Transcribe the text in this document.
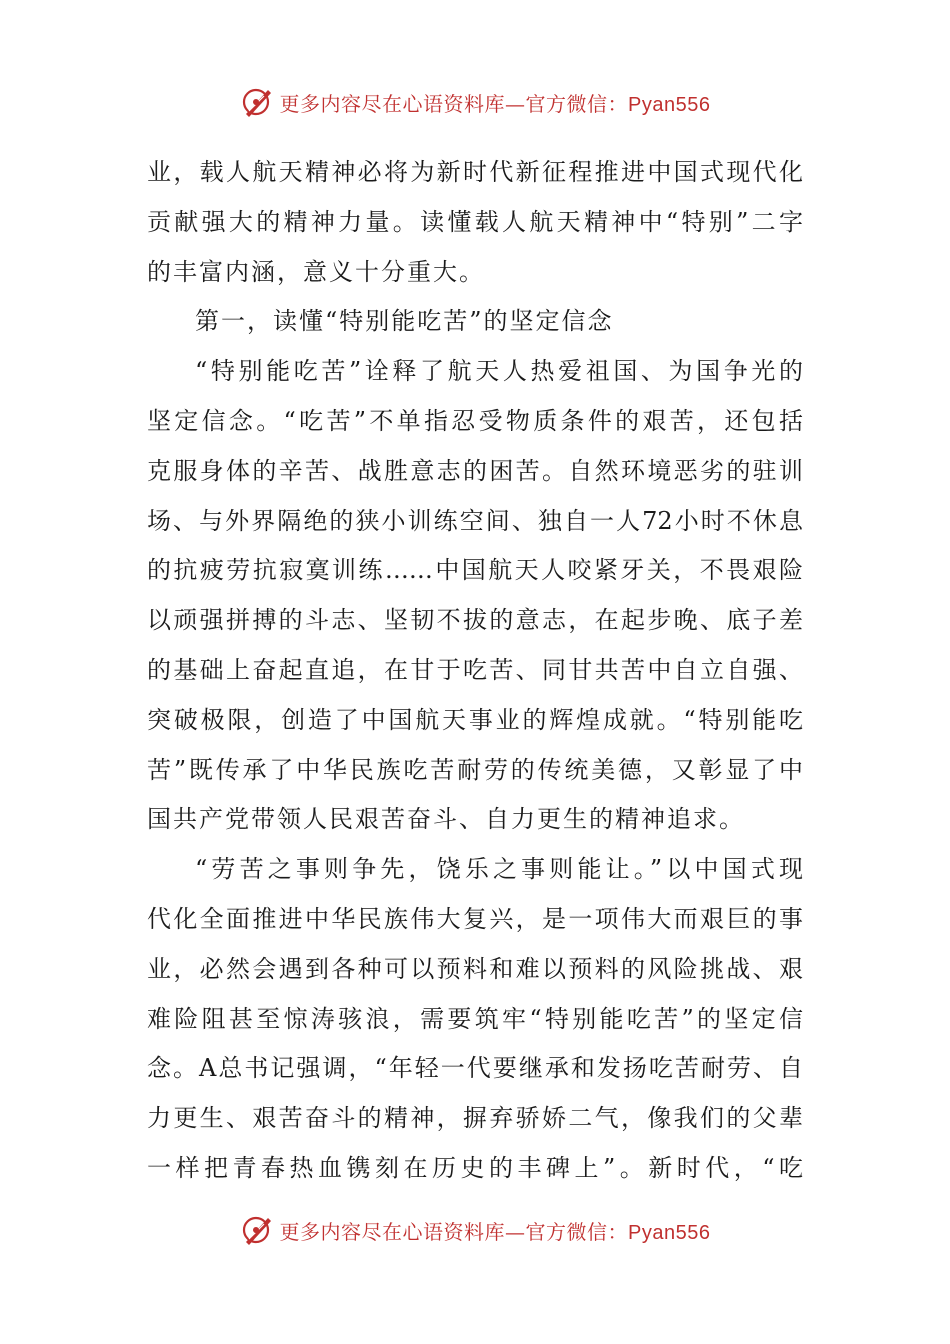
更多内容尽在心语资料库—官方微信：Pyan556
业，载人航天精神必将为新时代新征程推进中国式现代化
贡献强大的精神力量。读懂载人航天精神中“特别”二字
的丰富内涵，意义十分重大。
第一，读懂“特别能吃苦”的坚定信念
“特别能吃苦”诠释了航天人热爱祖国、为国争光的
坚定信念。“吃苦”不单指忍受物质条件的艰苦，还包括
克服身体的辛苦、战胜意志的困苦。自然环境恶劣的驻训
场、与外界隔绝的狭小训练空间、独自一人72小时不休息
的抗疲劳抗寂寞训练……中国航天人咬紧牙关，不畏艰险
以顽强拼搏的斗志、坚韧不拔的意志，在起步晚、底子差
的基础上奋起直追，在甘于吃苦、同甘共苦中自立自强、
突破极限，创造了中国航天事业的辉煌成就。“特别能吃
苦”既传承了中华民族吃苦耐劳的传统美德，又彰显了中
国共产党带领人民艰苦奋斗、自力更生的精神追求。
“劳苦之事则争先，饶乐之事则能让。”以中国式现
代化全面推进中华民族伟大复兴，是一项伟大而艰巨的事
业，必然会遇到各种可以预料和难以预料的风险挑战、艰
难险阻甚至惊涛骇浪，需要筑牢“特别能吃苦”的坚定信
念。A总书记强调，“年轻一代要继承和发扬吃苦耐劳、自
力更生、艰苦奋斗的精神，摒弃骄娇二气，像我们的父辈
一样把青春热血镌刻在历史的丰碑上”。新时代，“吃
更多内容尽在心语资料库—官方微信：Pyan556
